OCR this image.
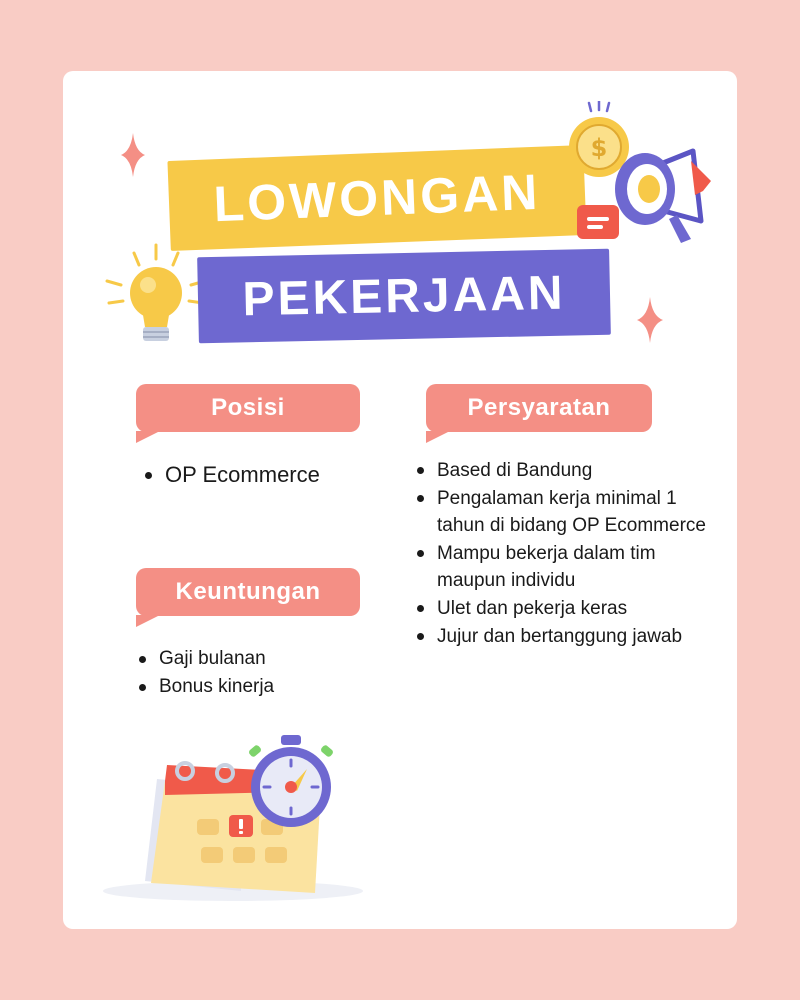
LOWONGAN
PEKERJAAN
$
Posisi	Persyaratan
Keuntungan
OP Ecommerce
Gaji bulanan
Bonus kinerja
Based di Bandung
Pengalaman kerja minimal 1 tahun di bidang OP Ecommerce
Mampu bekerja dalam tim maupun individu
Ulet dan pekerja keras
Jujur dan bertanggung jawab
